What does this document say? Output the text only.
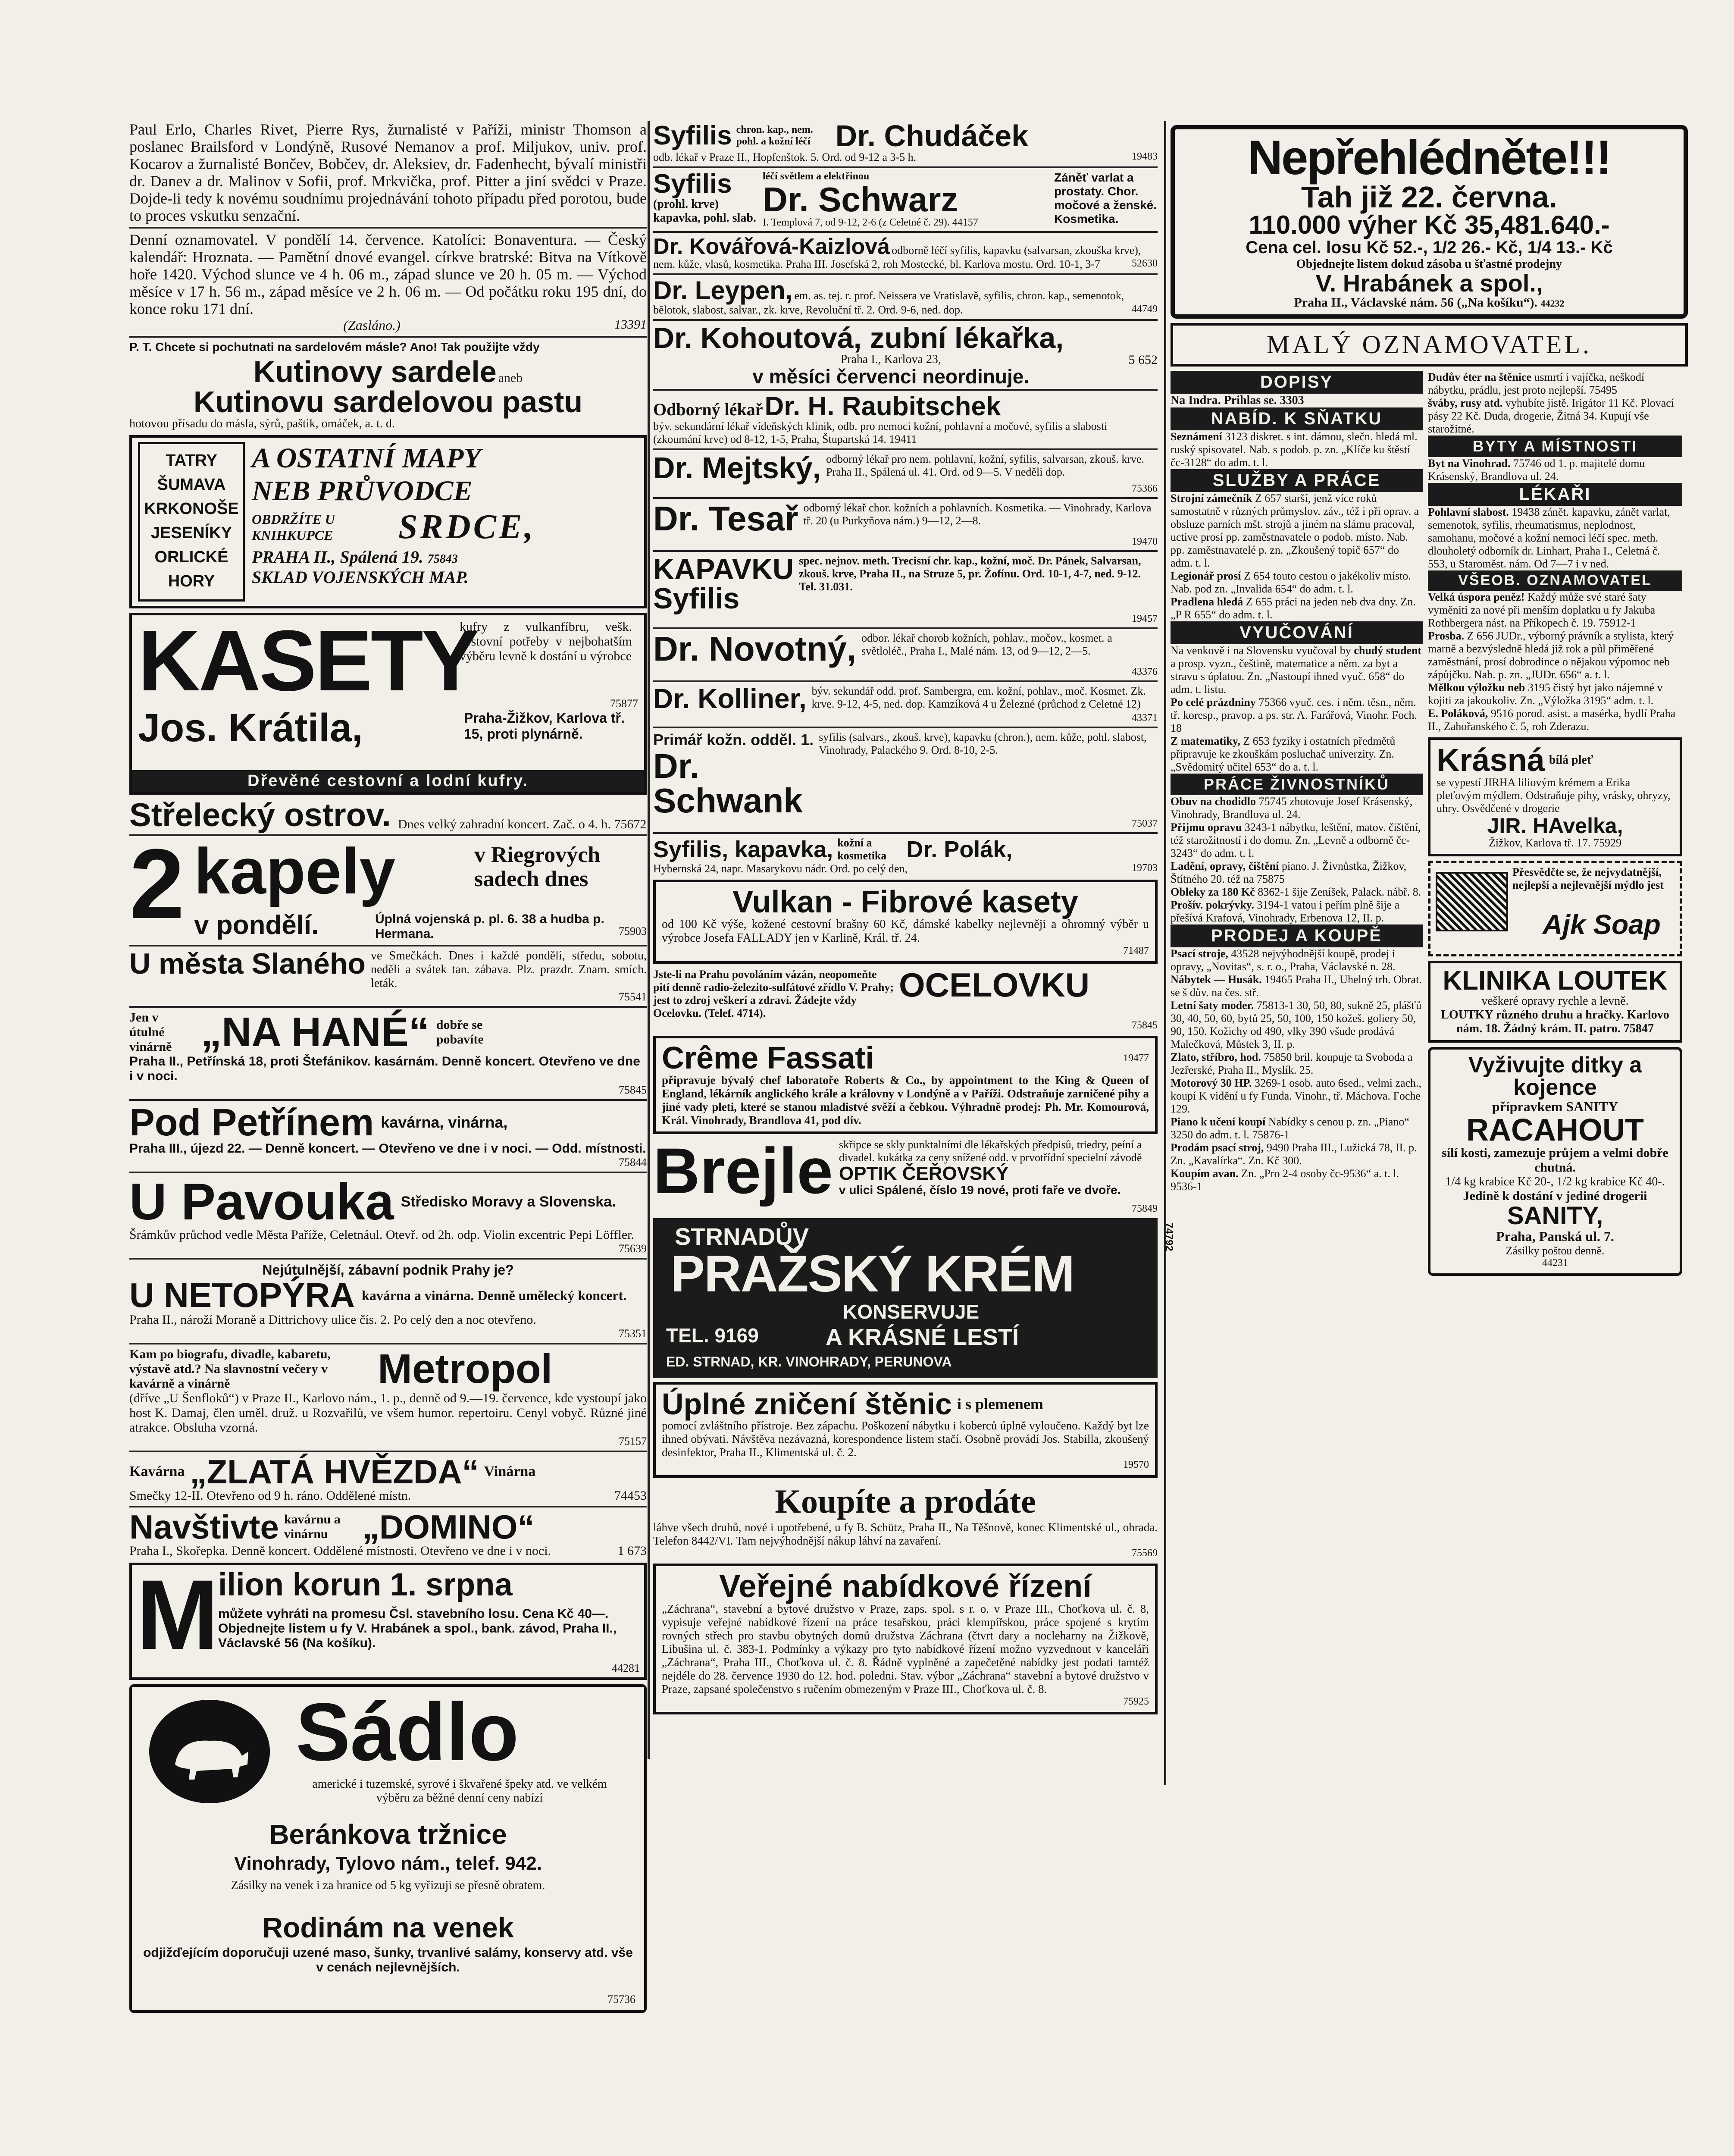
Paul Erlo, Charles Rivet, Pierre Rys, žurnalisté v Paříži, ministr Thomson a poslanec Brailsford v Londýně, Rusové Nemanov a prof. Miljukov, univ. prof. Kocarov a žurnalisté Bončev, Bobčev, dr. Aleksiev, dr. Fadenhecht, bývalí ministři dr. Danev a dr. Malinov v Sofii, prof. Mrkvička, prof. Pitter a jiní svědci v Praze. Dojde-li tedy k novému soudnímu projednávání tohoto případu před porotou, bude to proces vskutku senzační.

Denní oznamovatel. V pondělí 14. července. Katolíci: Bonaventura. — Český kalendář: Hroznata. — Pamětní dnové evangel. církve bratrské: Bitva na Vítkově hoře 1420. Východ slunce ve 4 h. 06 m., západ slunce ve 20 h. 05 m. — Východ měsíce v 17 h. 56 m., západ měsíce ve 2 h. 06 m. — Od počátku roku 195 dní, do konce roku 171 dní.

(Zasláno.)	13391

P. T. Chcete si pochutnati na sardelovém másle? Ano! Tak použijte vždy

Kutinovy sardele aneb

Kutinovu sardelovou pastu

hotovou přísadu do másla, sýrů, paštik, omáček, a. t. d.

TATRY
ŠUMAVA
KRKONOŠE
JESENÍKY
ORLICKÉ
HORY
A OSTATNÍ MAPY
NEB PRŮVODCE
OBDRŽÍTE U KNIHKUPCE	SRDCE,
PRAHA II., Spálená 19. 75843
SKLAD VOJENSKÝCH MAP.
KASETY
kufry z vulkanfíbru, vešk. cestovní potřeby v nejbohatším výběru levně k dostání u výrobce
75877
Jos. Krátila,	Praha-Žižkov, Karlova tř. 15, proti plynárně.
Dřevěné cestovní a lodní kufry.
Střelecký ostrov. Dnes velký zahradní koncert. Zač. o 4. h. 75672
2 kapely	v Riegrových sadech dnes
v pondělí.	Úplná vojenská p. pl. 6. 38 a hudba p. Hermana.	75903
U města Slaného ve Smečkách. Dnes i každé pondělí, středu, sobotu, neděli a svátek tan. zábava. Plz. prazdr. Znam. smích. leták.
75541
Jen v útulné vinárně „NA HANÉ“ dobře se pobavíte

Praha II., Petřínská 18, proti Štefánikov. kasárnám. Denně koncert. Otevřeno ve dne i v noci.

75845
Pod Petřínem kavárna, vinárna,

Praha III., újezd 22. — Denně koncert. — Otevřeno ve dne i v noci. — Odd. místnosti.

75844
U Pavouka Středisko Moravy a Slovenska.

Šrámkův průchod vedle Města Paříže, Celetnául. Otevř. od 2h. odp. Violin excentric Pepi Löffler.

75639

Nejútulnější, zábavní podnik Prahy je?

U NETOPÝRA kavárna a vinárna. Denně umělecký koncert.

Praha II., nároží Moraně a Dittrichovy ulice čís. 2. Po celý den a noc otevřeno.

75351
Kam po biografu, divadle, kabaretu, výstavě atd.? Na slavnostní večery v kavárně a vinárně	Metropol

(dříve „U Šenfloků“) v Praze II., Karlovo nám., 1. p., denně od 9.—19. července, kde vystoupí jako host K. Damaj, člen uměl. druž. u Rozvařilů, ve všem humor. repertoiru. Cenyl vobyč. Různé jiné atrakce. Obsluha vzorná.

75157
Kavárna „ZLATÁ HVĚZDA“ Vinárna

Smečky 12-II. Otevřeno od 9 h. ráno. Oddělené místn.	74453

Navštivte kavárnu a vinárnu	„DOMINO“

Praha I., Skořepka. Denně koncert. Oddělené místnosti. Otevřeno ve dne i v noci.	1 673

M
ilion korun 1. srpna
můžete vyhráti na promesu Čsl. stavebního losu. Cena Kč 40—. Objednejte listem u fy V. Hrabánek a spol., bank. závod, Praha II., Václavské 56 (Na košíku).
44281
Sádlo
americké i tuzemské, syrové i škvařené špeky atd. ve velkém výběru za běžné denní ceny nabízí
Beránkova tržnice
Vinohrady, Tylovo nám., telef. 942.
Zásilky na venek i za hranice od 5 kg vyřizuji se přesně obratem.
Rodinám na venek
odjižďejícím doporučuji uzené maso, šunky, trvanlivé salámy, konservy atd. vše v cenách nejlevnějších.
75736
Syfilis chron. kap., nem. pohl. a kožní léčí Dr. Chudáček

odb. lékař v Praze II., Hopfenštok. 5. Ord. od 9-12 a 3-5 h.	19483

Syfilis
(prohl. krve) kapavka, pohl. slab.
léčí světlem a elektřinou
Dr. Schwarz
I. Templová 7, od 9-12, 2-6 (z Celetné č. 29). 44157
Záněť varlat a prostaty. Chor. močové a ženské. Kosmetika.
Dr. Kovářová-Kaizlová odborně léčí syfilis, kapavku (salvarsan, zkouška krve), nem. kůže, vlasů, kosmetika. Praha III. Josefská 2, roh Mostecké, bl. Karlova mostu. Ord. 10-1, 3-7	52630
Dr. Leypen, em. as. tej. r. prof. Neissera ve Vratislavě, syfilis, chron. kap., semenotok, bělotok, slabost, salvar., zk. krve, Revoluční tř. 2. Ord. 9-6, ned. dop.	44749
Dr. Kohoutová, zubní lékařka,
Praha I., Karlova 23,	5 652
v měsíci červenci neordinuje.
Odborný lékař Dr. H. Raubitschek

býv. sekundární lékař vídeňských klinik, odb. pro nemoci kožní, pohlavní a močové, syfilis a slabosti (zkoumání krve) od 8-12, 1-5, Praha, Štupartská 14. 19411

Dr. Mejtský, odborný lékař pro nem. pohlavní, kožní, syfilis, salvarsan, zkouš. krve. Praha II., Spálená ul. 41. Ord. od 9—5. V neděli dop.
75366
Dr. Tesař odborný lékař chor. kožních a pohlavních. Kosmetika. — Vinohrady, Karlova tř. 20 (u Purkyňova nám.) 9—12, 2—8.
19470
KAPAVKU
Syfilis
spec. nejnov. meth. Trecisní chr. kap., kožní, moč. Dr. Pánek, Salvarsan, zkouš. krve, Praha II., na Struze 5, pr. Žofínu. Ord. 10-1, 4-7, ned. 9-12. Tel. 31.031.
19457
Dr. Novotný, odbor. lékař chorob kožních, pohlav., močov., kosmet. a světloléč., Praha I., Malé nám. 13, od 9—12, 2—5.
43376
Dr. Kolliner, býv. sekundář odd. prof. Sambergra, em. kožní, pohlav., moč. Kosmet. Zk. krve. 9-12, 4-5, ned. dop. Kamzíková 4 u Železné (průchod z Celetné 12)
43371
Primář kožn. odděl. 1.
Dr. Schwank
syfilis (salvars., zkouš. krve), kapavku (chron.), nem. kůže, pohl. slabost, Vinohrady, Palackého 9. Ord. 8-10, 2-5.
75037
Syfilis, kapavka, kožní a kosmetika Dr. Polák,

Hybernská 24, napr. Masarykovu nádr. Ord. po celý den,	19703

Vulkan - Fibrové kasety

od 100 Kč výše, kožené cestovní brašny 60 Kč, dámské kabelky nejlevněji a ohromný výběr u výrobce Josefa FALLADY jen v Karlině, Král. tř. 24.

71487
Jste-li na Prahu povoláním vázán, neopomeňte pití denně radio-železito-sulfátové zřídlo V. Prahy; jest to zdroj veškerí a zdraví. Žádejte vždy Ocelovku. (Telef. 4714).
OCELOVKU
75845
Crême Fassati	19477

připravuje bývalý chef laboratoře Roberts & Co., by appointment to the King & Queen of England, lékárník anglického krále a královny v Londýně a v Paříži. Odstraňuje zarničené pihy a jiné vady pleti, které se stanou mladistvé svěží a čebkou. Výhradně prodej: Ph. Mr. Komourová, Král. Vinohrady, Brandlova 41, pod dív.

Brejle skřipce se skly punktalními dle lékařských předpisů, triedry, peíní a divadel. kukátka za ceny snížené odd. v prvotřídní specielní závodě
OPTIK ČEŘOVSKÝ
v ulici Spálené, číslo 19 nové, proti faře ve dvoře.
75849
STRNADŮV
PRAŽSKÝ KRÉM
KONSERVUJE
TEL. 9169	A KRÁSNÉ LESTÍ
ED. STRNAD, KR. VINOHRADY, PERUNOVA
74792
Úplné zničení štěnic i s plemenem

pomocí zvláštního přístroje. Bez zápachu. Poškození nábytku i koberců úplně vyloučeno. Každý byt lze ihned obývati. Návštěva nezávazná, korespondence listem stačí. Osobně provádí Jos. Stabilla, zkoušený desinfektor, Praha II., Klimentská ul. č. 2.

19570
Koupíte a prodáte

láhve všech druhů, nové i upotřebené, u fy B. Schütz, Praha II., Na Těšnově, konec Klimentské ul., ohrada. Telefon 8442/VI. Tam nejvýhodnější nákup láhví na zavaření.

75569
Veřejné nabídkové řízení

„Záchrana“, stavební a bytové družstvo v Praze, zaps. spol. s r. o. v Praze III., Choťkova ul. č. 8, vypisuje veřejné nabídkové řízení na práce tesařskou, práci klempířskou, práce spojené s krytím rovných střech pro stavbu obytných domů družstva Záchrana (čtvrt dary a nocleharny na Žižkově, Libušina ul. č. 383-1. Podmínky a výkazy pro tyto nabídkové řízení možno vyzvednout v kanceláři „Záchrana“, Praha III., Choťkova ul. č. 8. Řádně vyplněné a zapečetěné nabídky jest podati tamtéž nejdéle do 28. července 1930 do 12. hod. poledni. Stav. výbor „Záchrana“ stavební a bytové družstvo v Praze, zapsané společenstvo s ručením obmezeným v Praze III., Choťkova ul. č. 8.

75925
Nepřehlédněte!!!
Tah již 22. června.
110.000 výher Kč 35,481.640.-
Cena cel. losu Kč 52.-, 1/2 26.- Kč, 1/4 13.- Kč
Objednejte listem dokud zásoba u šťastné prodejny
V. Hrabánek a spol.,
Praha II., Václavské nám. 56 („Na košíku“). 44232
MALÝ OZNAMOVATEL.
DOPISY

Na Indra. Prihlas se. 3303

NABÍD. K SŇATKU

Seznámení 3123 diskret. s int. dámou, slečn. hledá ml. ruský spisovatel. Nab. s podob. p. zn. „Klíče ku štěstí čc-3128“ do adm. t. l.

SLUŽBY A PRÁCE

Strojní zámečník Z 657 starší, jenž více roků samostatně v různých průmyslov. záv., též i při oprav. a obsluze parních mšt. strojů a jiném na slámu pracoval, uctive prosí pp. zaměstnavatele o podob. místo. Nab. pp. zaměstnavatelé p. zn. „Zkoušený topič 657“ do adm. t. l.

Legionář prosí Z 654 touto cestou o jakékoliv místo. Nab. pod zn. „Invalida 654“ do adm. t. l.

Pradlena hledá Z 655 práci na jeden neb dva dny. Zn. „P R 655“ do adm. t. l.

VYUČOVÁNÍ

Na venkově i na Slovensku vyučoval by chudý student a prosp. vyzn., češtině, matematice a něm. za byt a stravu s úplatou. Zn. „Nastoupí ihned vyuč. 658“ do adm. t. listu.

Po celé prázdniny 75366 vyuč. ces. i něm. těsn., něm. tř. koresp., pravop. a ps. str. A. Farářová, Vinohr. Foch. 18

Z matematiky, Z 653 fyziky i ostatních předmětů připravuje ke zkouškám posluchač univerzity. Zn. „Svědomitý učitel 653“ do a. t. l.

PRÁCE ŽIVNOSTNÍKŮ

Obuv na chodidlo 75745 zhotovuje Josef Krásenský, Vinohrady, Brandlova ul. 24.

Přijmu opravu 3243-1 nábytku, leštění, matov. čištění, též starožitností i do domu. Zn. „Levně a odborně čc-3243“ do adm. t. l.

Ladění, opravy, čištění piano. J. Živnůstka, Žižkov, Štítného 20. též na 75875

Obleky za 180 Kč 8362-1 šije Zeníšek, Palack. nábř. 8.

Prošív. pokrývky. 3194-1 vatou i peřím plně šije a přešívá Krafová, Vinohrady, Erbenova 12, II. p.

PRODEJ A KOUPĚ

Psací stroje, 43528 nejvýhodnější koupě, prodej i opravy, „Novitas“, s. r. o., Praha, Václavské n. 28.

Nábytek — Husák. 19465 Praha II., Uhelný trh. Obrat. se š dův. na čes. stř.

Letní šaty moder. 75813-1 30, 50, 80, sukně 25, plášťů 30, 40, 50, 60, bytů 25, 50, 100, 150 kožeš. goliery 50, 90, 150. Kožichy od 490, vlky 390 všude prodává Malečková, Můstek 3, II. p.

Zlato, stříbro, hod. 75850 bril. koupuje ta Svoboda a Jezřerské, Praha II., Myslík. 25.

Motorový 30 HP. 3269-1 osob. auto 6sed., velmi zach., koupí K vidění u fy Funda. Vinohr., tř. Máchova. Foche 129.

Piano k učení koupí Nabídky s cenou p. zn. „Piano“ 3250 do adm. t. l. 75876-1

Prodám psací stroj, 9490 Praha III., Lužická 78, II. p. Zn. „Kavalírka“. Zn. Kč 300.

Koupím avan. Zn. „Pro 2-4 osoby čc-9536“ a. t. l. 9536-1

Dudův éter na štěnice usmrtí i vajíčka, neškodí nábytku, prádlu, jest proto nejlepší. 75495

šváby, rusy atd. vyhubíte jistě. Irigátor 11 Kč. Plovací pásy 22 Kč. Duda, drogerie, Žitná 34. Kupují vše starožitné.

BYTY A MÍSTNOSTI

Byt na Vinohrad. 75746 od 1. p. majitelé domu Krásenský, Brandlova ul. 24.

LÉKAŘI

Pohlavní slabost. 19438 zánět. kapavku, zánět varlat, semenotok, syfilis, rheumatismus, neplodnost, samohanu, močové a kožní nemoci léčí spec. meth. dlouholetý odborník dr. Linhart, Praha I., Celetná č. 553, u Staroměst. nám. Od 7—7 i v ned.

VŠEOB. OZNAMOVATEL

Velká úspora peněz! Každý může své staré šaty vyměniti za nové při menším doplatku u fy Jakuba Rothbergera nást. na Příkopech č. 19. 75912-1

Prosba. Z 656 JUDr., výborný právník a stylista, který marně a bezvýsledně hledá již rok a půl přiměřené zaměstnání, prosí dobrodince o nějakou výpomoc neb zápůjčku. Nab. p. zn. „JUDr. 656“ a. t. l.

Mělkou výložku neb 3195 čistý byt jako nájemné v kojiti za jakoukoliv. Zn. „Výložka 3195“ adm. t. l.

E. Poláková, 9516 porod. asist. a masérka, bydlí Praha II., Zahořanského č. 5, roh Zderazu.

Krásná bílá pleť

se vypestí JIRHA liliovým krémem a Erika pleťovým mýdlem. Odstraňuje pihy, vrásky, ohryzy, uhry. Osvědčené v drogerie

JIR. HAvelka,
Žižkov, Karlova tř. 17. 75929
Přesvědčte se, že nejvydatnější, nejlepší a nejlevnější mýdlo jest
Ajk Soap
KLINIKA LOUTEK

veškeré opravy rychle a levně.

LOUTKY různého druhu a hračky. Karlovo nám. 18. Žádný krám. II. patro. 75847

Vyživujte ditky a kojence
přípravkem SANITY
RACAHOUT
sílí kosti, zamezuje průjem a velmi dobře chutná.
1/4 kg krabice Kč 20-, 1/2 kg krabice Kč 40-.
Jedině k dostání v jediné drogerii
SANITY,
Praha, Panská ul. 7.
Zásilky poštou denně.
44231
